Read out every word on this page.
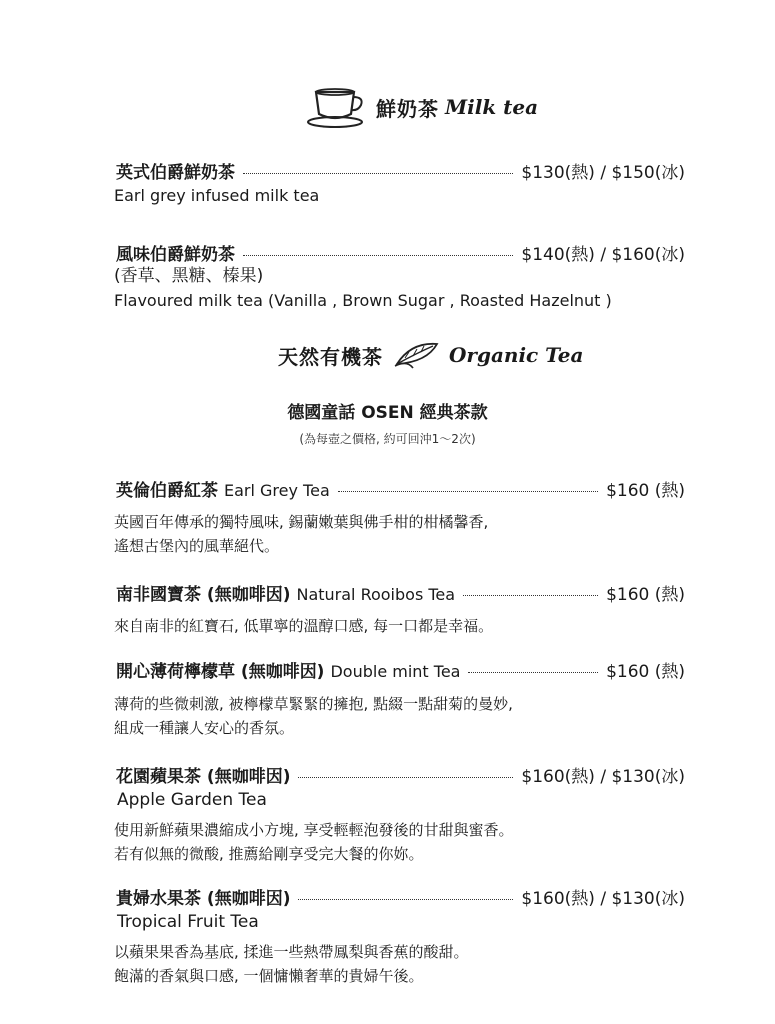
鮮奶茶 Milk tea
英式伯爵鮮奶茶	$130(熱) / $150(冰)
Earl grey infused milk tea
風味伯爵鮮奶茶	$140(熱) / $160(冰)
(香草、黑糖、榛果)
Flavoured milk tea (Vanilla , Brown Sugar , Roasted Hazelnut )
天然有機茶	Organic Tea
德國童話 OSEN 經典茶款
(為每壺之價格, 約可回沖1～2次)
英倫伯爵紅茶 Earl Grey Tea	$160 (熱)
英國百年傳承的獨特風味, 錫蘭嫩葉與佛手柑的柑橘馨香,
遙想古堡內的風華絕代。
南非國寶茶 (無咖啡因) Natural Rooibos Tea	$160 (熱)
來自南非的紅寶石, 低單寧的溫醇口感, 每一口都是幸福。
開心薄荷檸檬草 (無咖啡因) Double mint Tea	$160 (熱)
薄荷的些微刺激, 被檸檬草緊緊的擁抱, 點綴一點甜菊的曼妙,
組成一種讓人安心的香氛。
花園蘋果茶 (無咖啡因)	$160(熱) / $130(冰)
Apple Garden Tea
使用新鮮蘋果濃縮成小方塊, 享受輕輕泡發後的甘甜與蜜香。
若有似無的微酸, 推薦給剛享受完大餐的你妳。
貴婦水果茶 (無咖啡因)	$160(熱) / $130(冰)
Tropical Fruit Tea
以蘋果果香為基底, 揉進一些熱帶鳳梨與香蕉的酸甜。
飽滿的香氣與口感, 一個慵懶奢華的貴婦午後。
